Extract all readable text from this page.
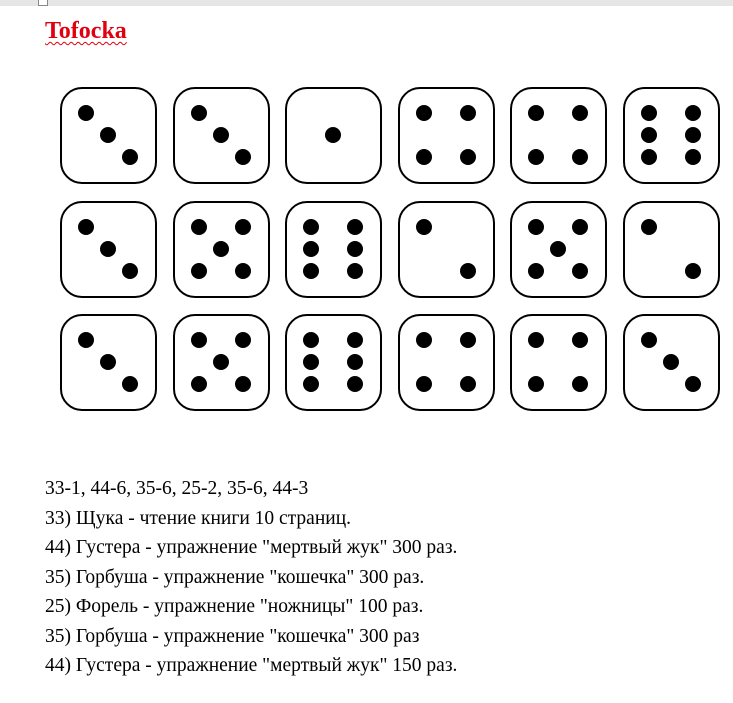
Tofocka
33-1, 44-6, 35-6, 25-2, 35-6, 44-3
33) Щука - чтение книги 10 страниц.
44) Густера - упражнение "мертвый жук" 300 раз.
35) Горбуша - упражнение "кошечка" 300 раз.
25) Форель - упражнение "ножницы" 100 раз.
35) Горбуша - упражнение "кошечка" 300 раз
44) Густера - упражнение "мертвый жук" 150 раз.
